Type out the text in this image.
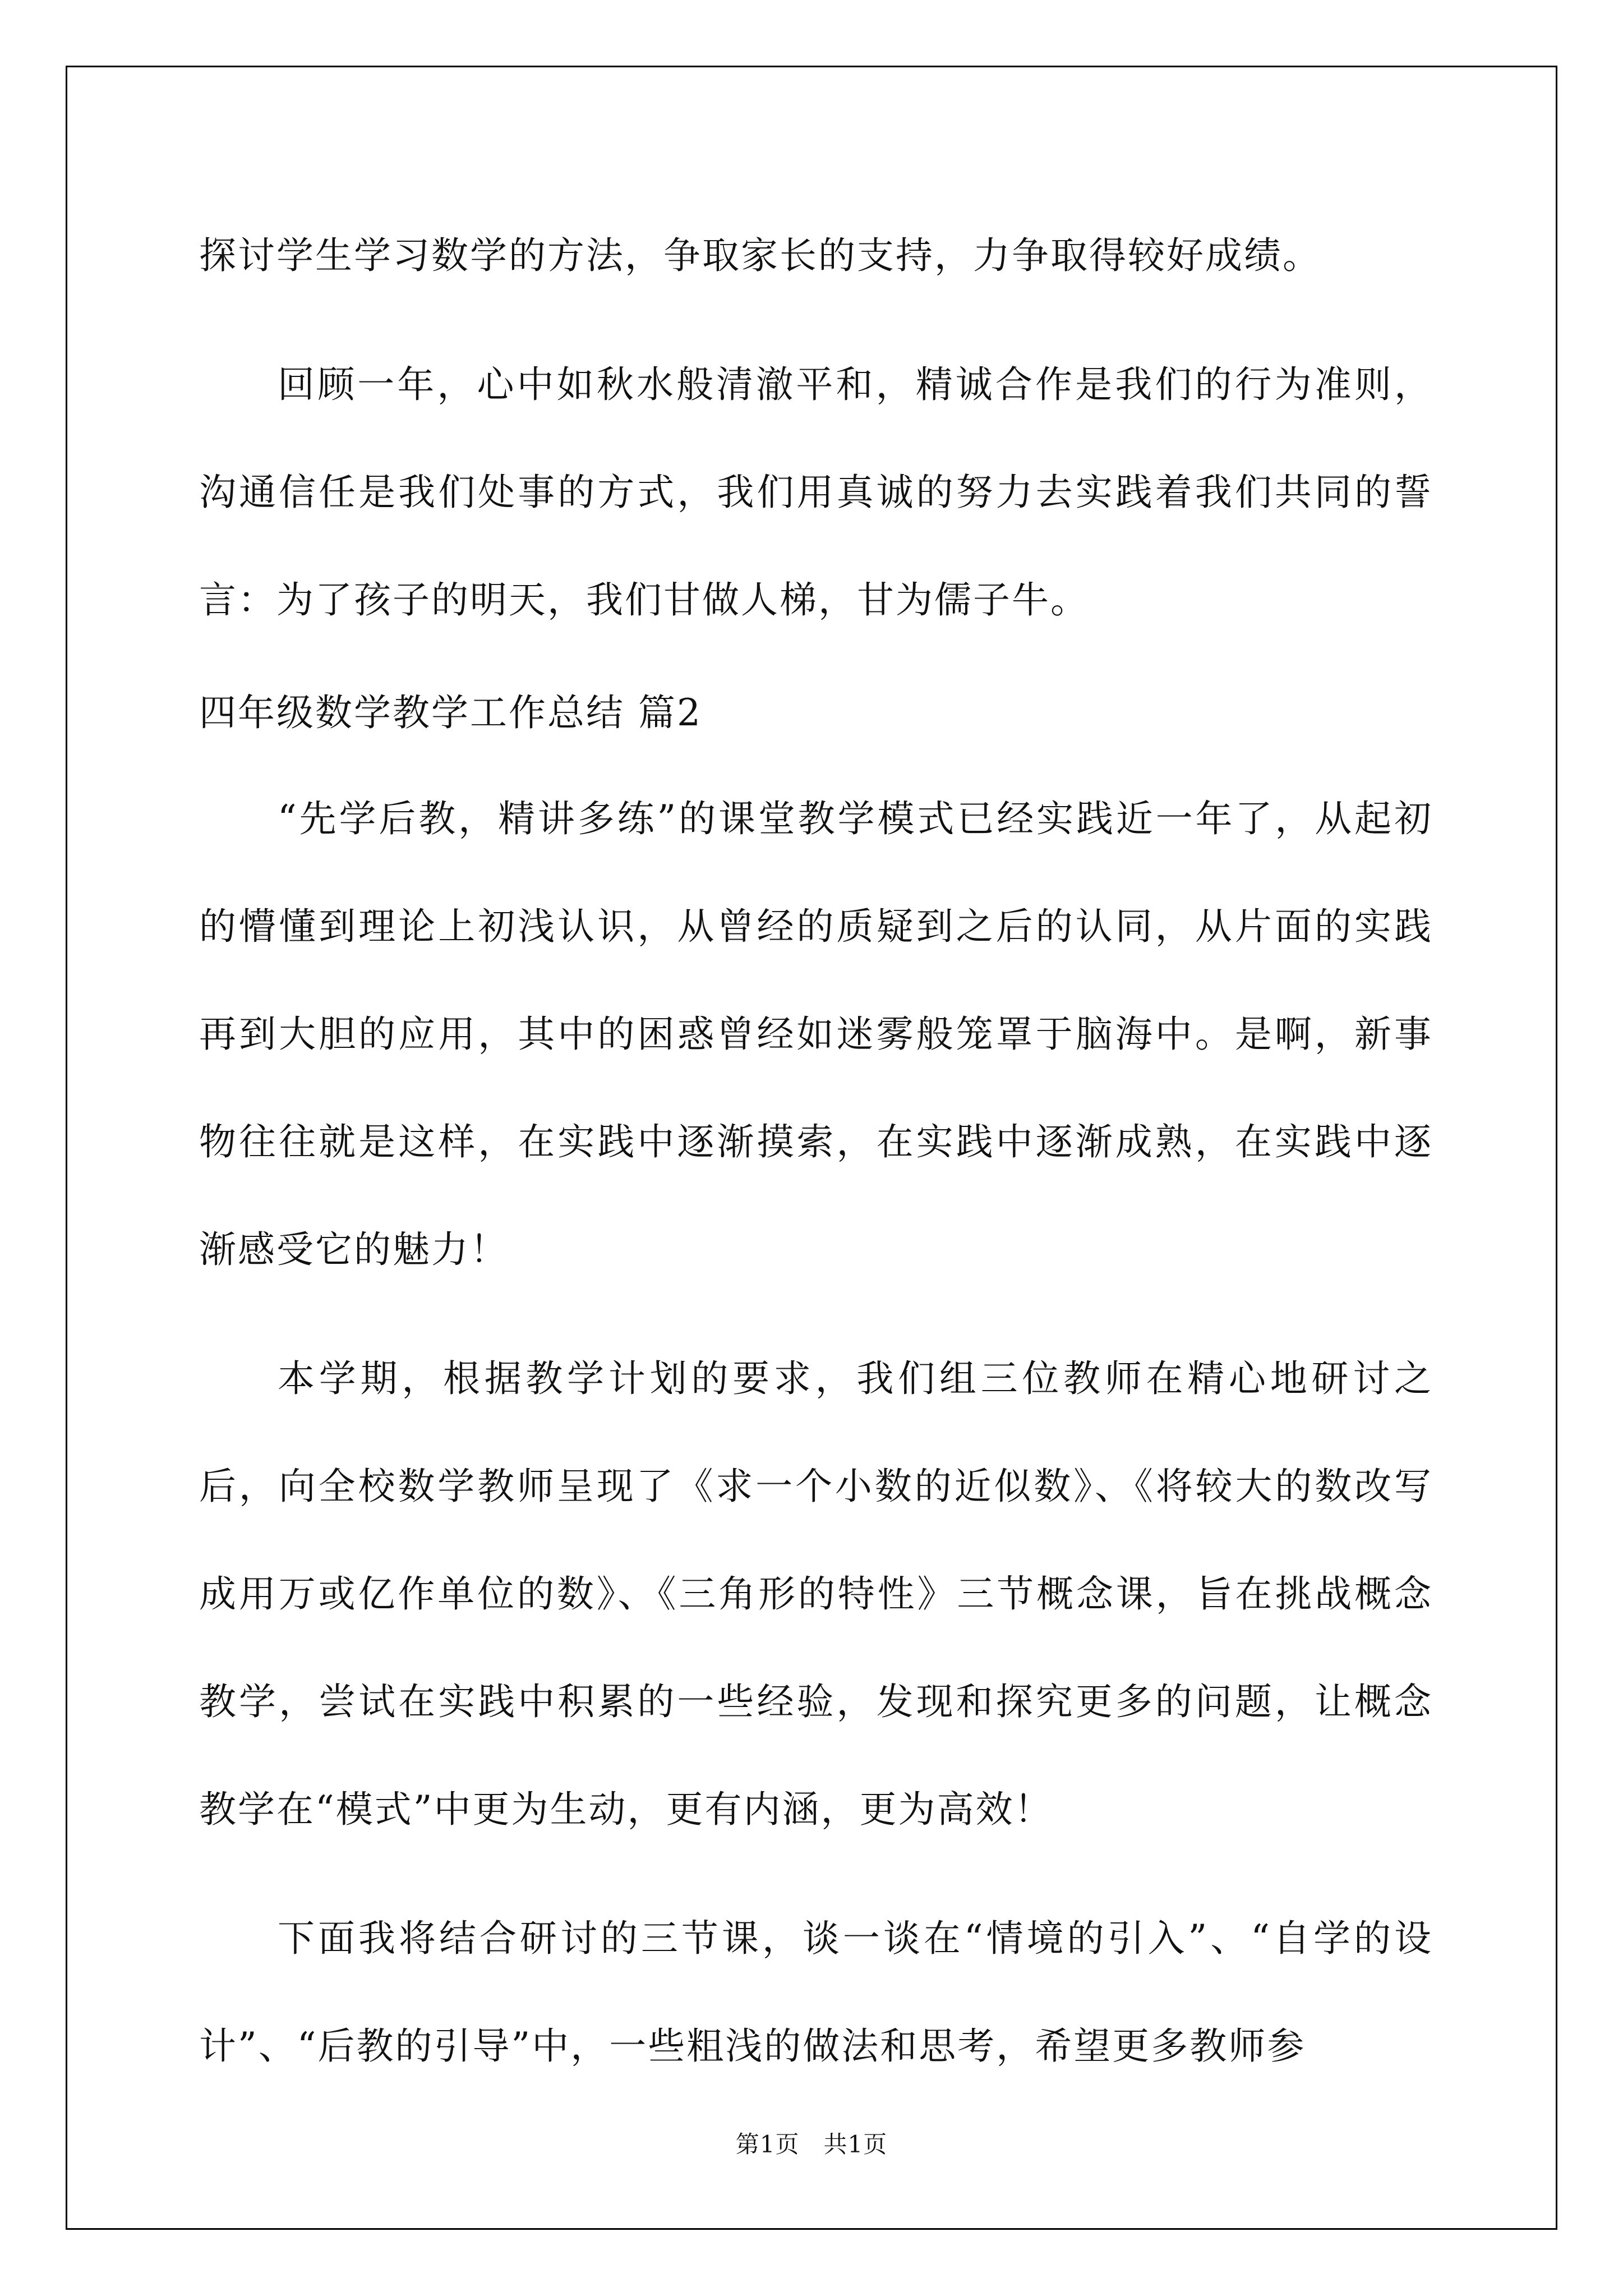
探讨学生学习数学的方法，争取家长的支持，力争取得较好成绩。

回顾一年，心中如秋水般清澈平和，精诚合作是我们的行为准则，沟通信任是我们处事的方式，我们用真诚的努力去实践着我们共同的誓言：为了孩子的明天，我们甘做人梯，甘为儒子牛。

四年级数学教学工作总结 篇2

“先学后教，精讲多练”的课堂教学模式已经实践近一年了，从起初的懵懂到理论上初浅认识，从曾经的质疑到之后的认同，从片面的实践再到大胆的应用，其中的困惑曾经如迷雾般笼罩于脑海中。是啊，新事物往往就是这样，在实践中逐渐摸索，在实践中逐渐成熟，在实践中逐渐感受它的魅力！

本学期，根据教学计划的要求，我们组三位教师在精心地研讨之后，向全校数学教师呈现了《求一个小数的近似数》、《将较大的数改写成用万或亿作单位的数》、《三角形的特性》三节概念课，旨在挑战概念教学，尝试在实践中积累的一些经验，发现和探究更多的问题，让概念教学在“模式”中更为生动，更有内涵，更为高效！

下面我将结合研讨的三节课，谈一谈在“情境的引入”、“自学的设计”、“后教的引导”中，一些粗浅的做法和思考，希望更多教师参

第1页　共1页
